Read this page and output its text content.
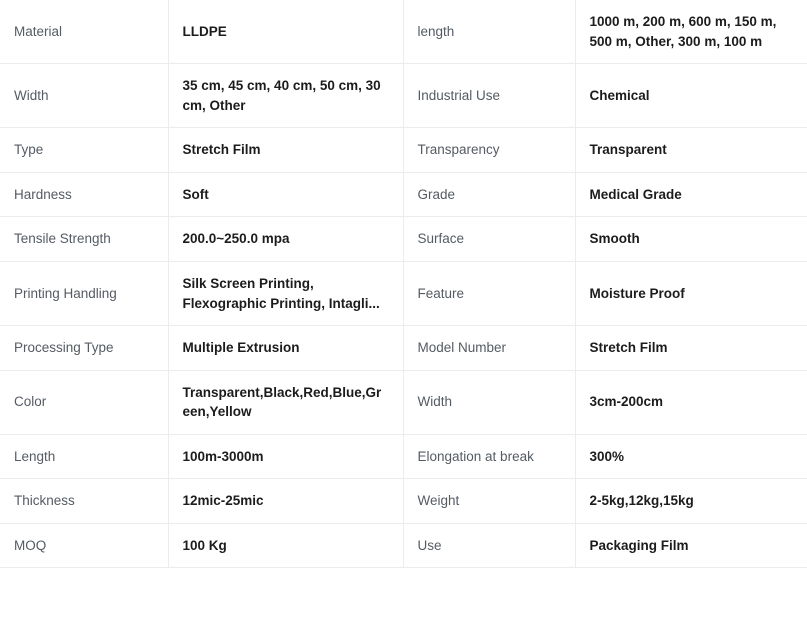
Material	LLDPE	length	1000 m, 200 m, 600 m, 150 m, 500 m, Other, 300 m, 100 m
Width	35 cm, 45 cm, 40 cm, 50 cm, 30 cm, Other	Industrial Use	Chemical
Type	Stretch Film	Transparency	Transparent
Hardness	Soft	Grade	Medical Grade
Tensile Strength	200.0~250.0 mpa	Surface	Smooth
Printing Handling	Silk Screen Printing, Flexographic Printing, Intagli...	Feature	Moisture Proof
Processing Type	Multiple Extrusion	Model Number	Stretch Film
Color	Transparent,Black,Red,Blue,Green,Yellow	Width	3cm-200cm
Length	100m-3000m	Elongation at break	300%
Thickness	12mic-25mic	Weight	2-5kg,12kg,15kg
MOQ	100 Kg	Use	Packaging Film
